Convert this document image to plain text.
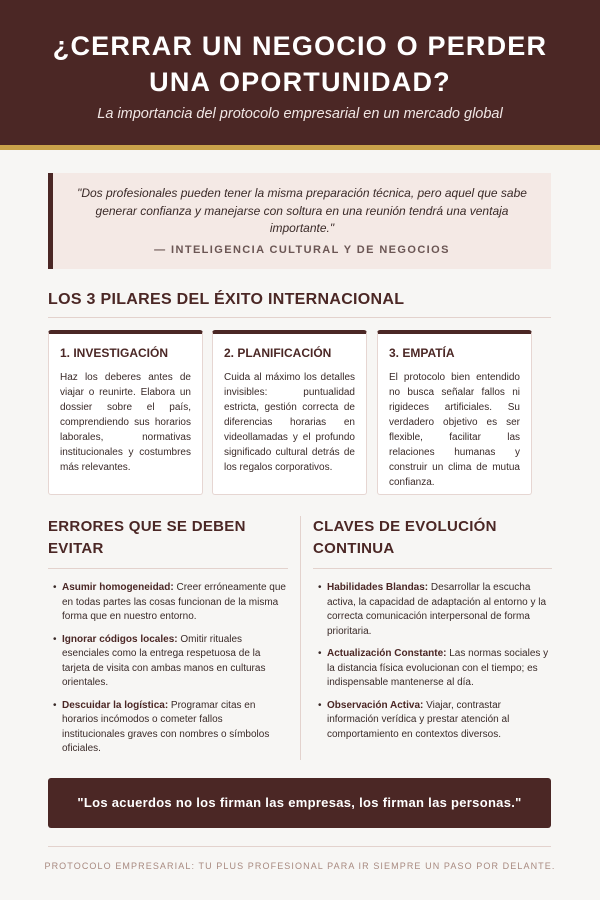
¿CERRAR UN NEGOCIO O PERDER UNA OPORTUNIDAD?
La importancia del protocolo empresarial en un mercado global
"Dos profesionales pueden tener la misma preparación técnica, pero aquel que sabe generar confianza y manejarse con soltura en una reunión tendrá una ventaja importante."
— INTELIGENCIA CULTURAL Y DE NEGOCIOS
LOS 3 PILARES DEL ÉXITO INTERNACIONAL
1. INVESTIGACIÓN
Haz los deberes antes de viajar o reunirte. Elabora un dossier sobre el país, comprendiendo sus horarios laborales, normativas institucionales y costumbres más relevantes.
2. PLANIFICACIÓN
Cuida al máximo los detalles invisibles: puntualidad estricta, gestión correcta de diferencias horarias en videollamadas y el profundo significado cultural detrás de los regalos corporativos.
3. EMPATÍA
El protocolo bien entendido no busca señalar fallos ni rigideces artificiales. Su verdadero objetivo es ser flexible, facilitar las relaciones humanas y construir un clima de mutua confianza.
ERRORES QUE SE DEBEN EVITAR
• Asumir homogeneidad: Creer erróneamente que en todas partes las cosas funcionan de la misma forma que en nuestro entorno.
• Ignorar códigos locales: Omitir rituales esenciales como la entrega respetuosa de la tarjeta de visita con ambas manos en culturas orientales.
• Descuidar la logística: Programar citas en horarios incómodos o cometer fallos institucionales graves con nombres o símbolos oficiales.
CLAVES DE EVOLUCIÓN CONTINUA
• Habilidades Blandas: Desarrollar la escucha activa, la capacidad de adaptación al entorno y la correcta comunicación interpersonal de forma prioritaria.
• Actualización Constante: Las normas sociales y la distancia física evolucionan con el tiempo; es indispensable mantenerse al día.
• Observación Activa: Viajar, contrastar información verídica y prestar atención al comportamiento en contextos diversos.
"Los acuerdos no los firman las empresas, los firman las personas."
PROTOCOLO EMPRESARIAL: TU PLUS PROFESIONAL PARA IR SIEMPRE UN PASO POR DELANTE.
